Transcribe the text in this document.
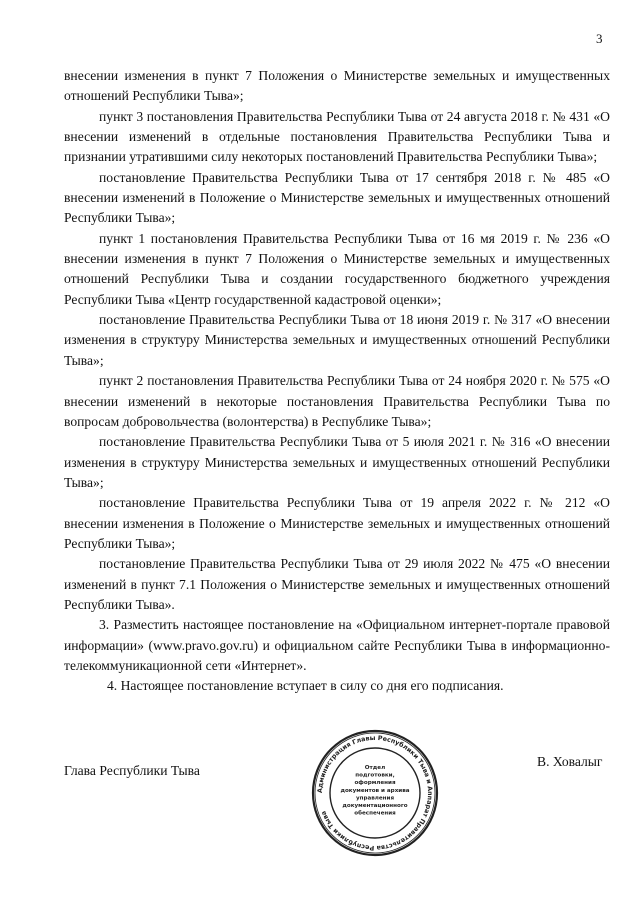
3

внесении изменения в пункт 7 Положения о Министерстве земельных и имущественных отношений Республики Тыва»;

пункт 3 постановления Правительства Республики Тыва от 24 августа 2018 г. № 431 «О внесении изменений в отдельные постановления Правительства Республики Тыва и признании утратившими силу некоторых постановлений Правительства Республики Тыва»;

постановление Правительства Республики Тыва от 17 сентября 2018 г. № 485 «О внесении изменений в Положение о Министерстве земельных и имущественных отношений Республики Тыва»;

пункт 1 постановления Правительства Республики Тыва от 16 мя 2019 г. № 236 «О внесении изменения в пункт 7 Положения о Министерстве земельных и имущественных отношений Республики Тыва и создании государственного бюджетного учреждения Республики Тыва «Центр государственной кадастровой оценки»;

постановление Правительства Республики Тыва от 18 июня 2019 г. № 317 «О внесении изменения в структуру Министерства земельных и имущественных отношений Республики Тыва»;

пункт 2 постановления Правительства Республики Тыва от 24 ноября 2020 г. № 575 «О внесении изменений в некоторые постановления Правительства Республики Тыва по вопросам добровольчества (волонтерства) в Республике Тыва»;

постановление Правительства Республики Тыва от 5 июля 2021 г. № 316 «О внесении изменения в структуру Министерства земельных и имущественных отношений Республики Тыва»;

постановление Правительства Республики Тыва от 19 апреля 2022 г. № 212 «О внесении изменения в Положение о Министерстве земельных и имущественных отношений Республики Тыва»;

постановление Правительства Республики Тыва от 29 июля 2022 № 475 «О внесении изменений в пункт 7.1 Положения о Министерстве земельных и имущественных отношений Республики Тыва».

3. Разместить настоящее постановление на «Официальном интернет-портале правовой информации» (www.pravo.gov.ru) и официальном сайте Республики Тыва в информационно-телекоммуникационной сети «Интернет».

4. Настоящее постановление вступает в силу со дня его подписания.

Глава Республики Тыва
В. Ховалыг
Администрация Главы Республики Тыва и Аппарат Правительства Республики Тыва
Отдел
подготовки,
оформления
документов и архива
управления
документационного
обеспечения
